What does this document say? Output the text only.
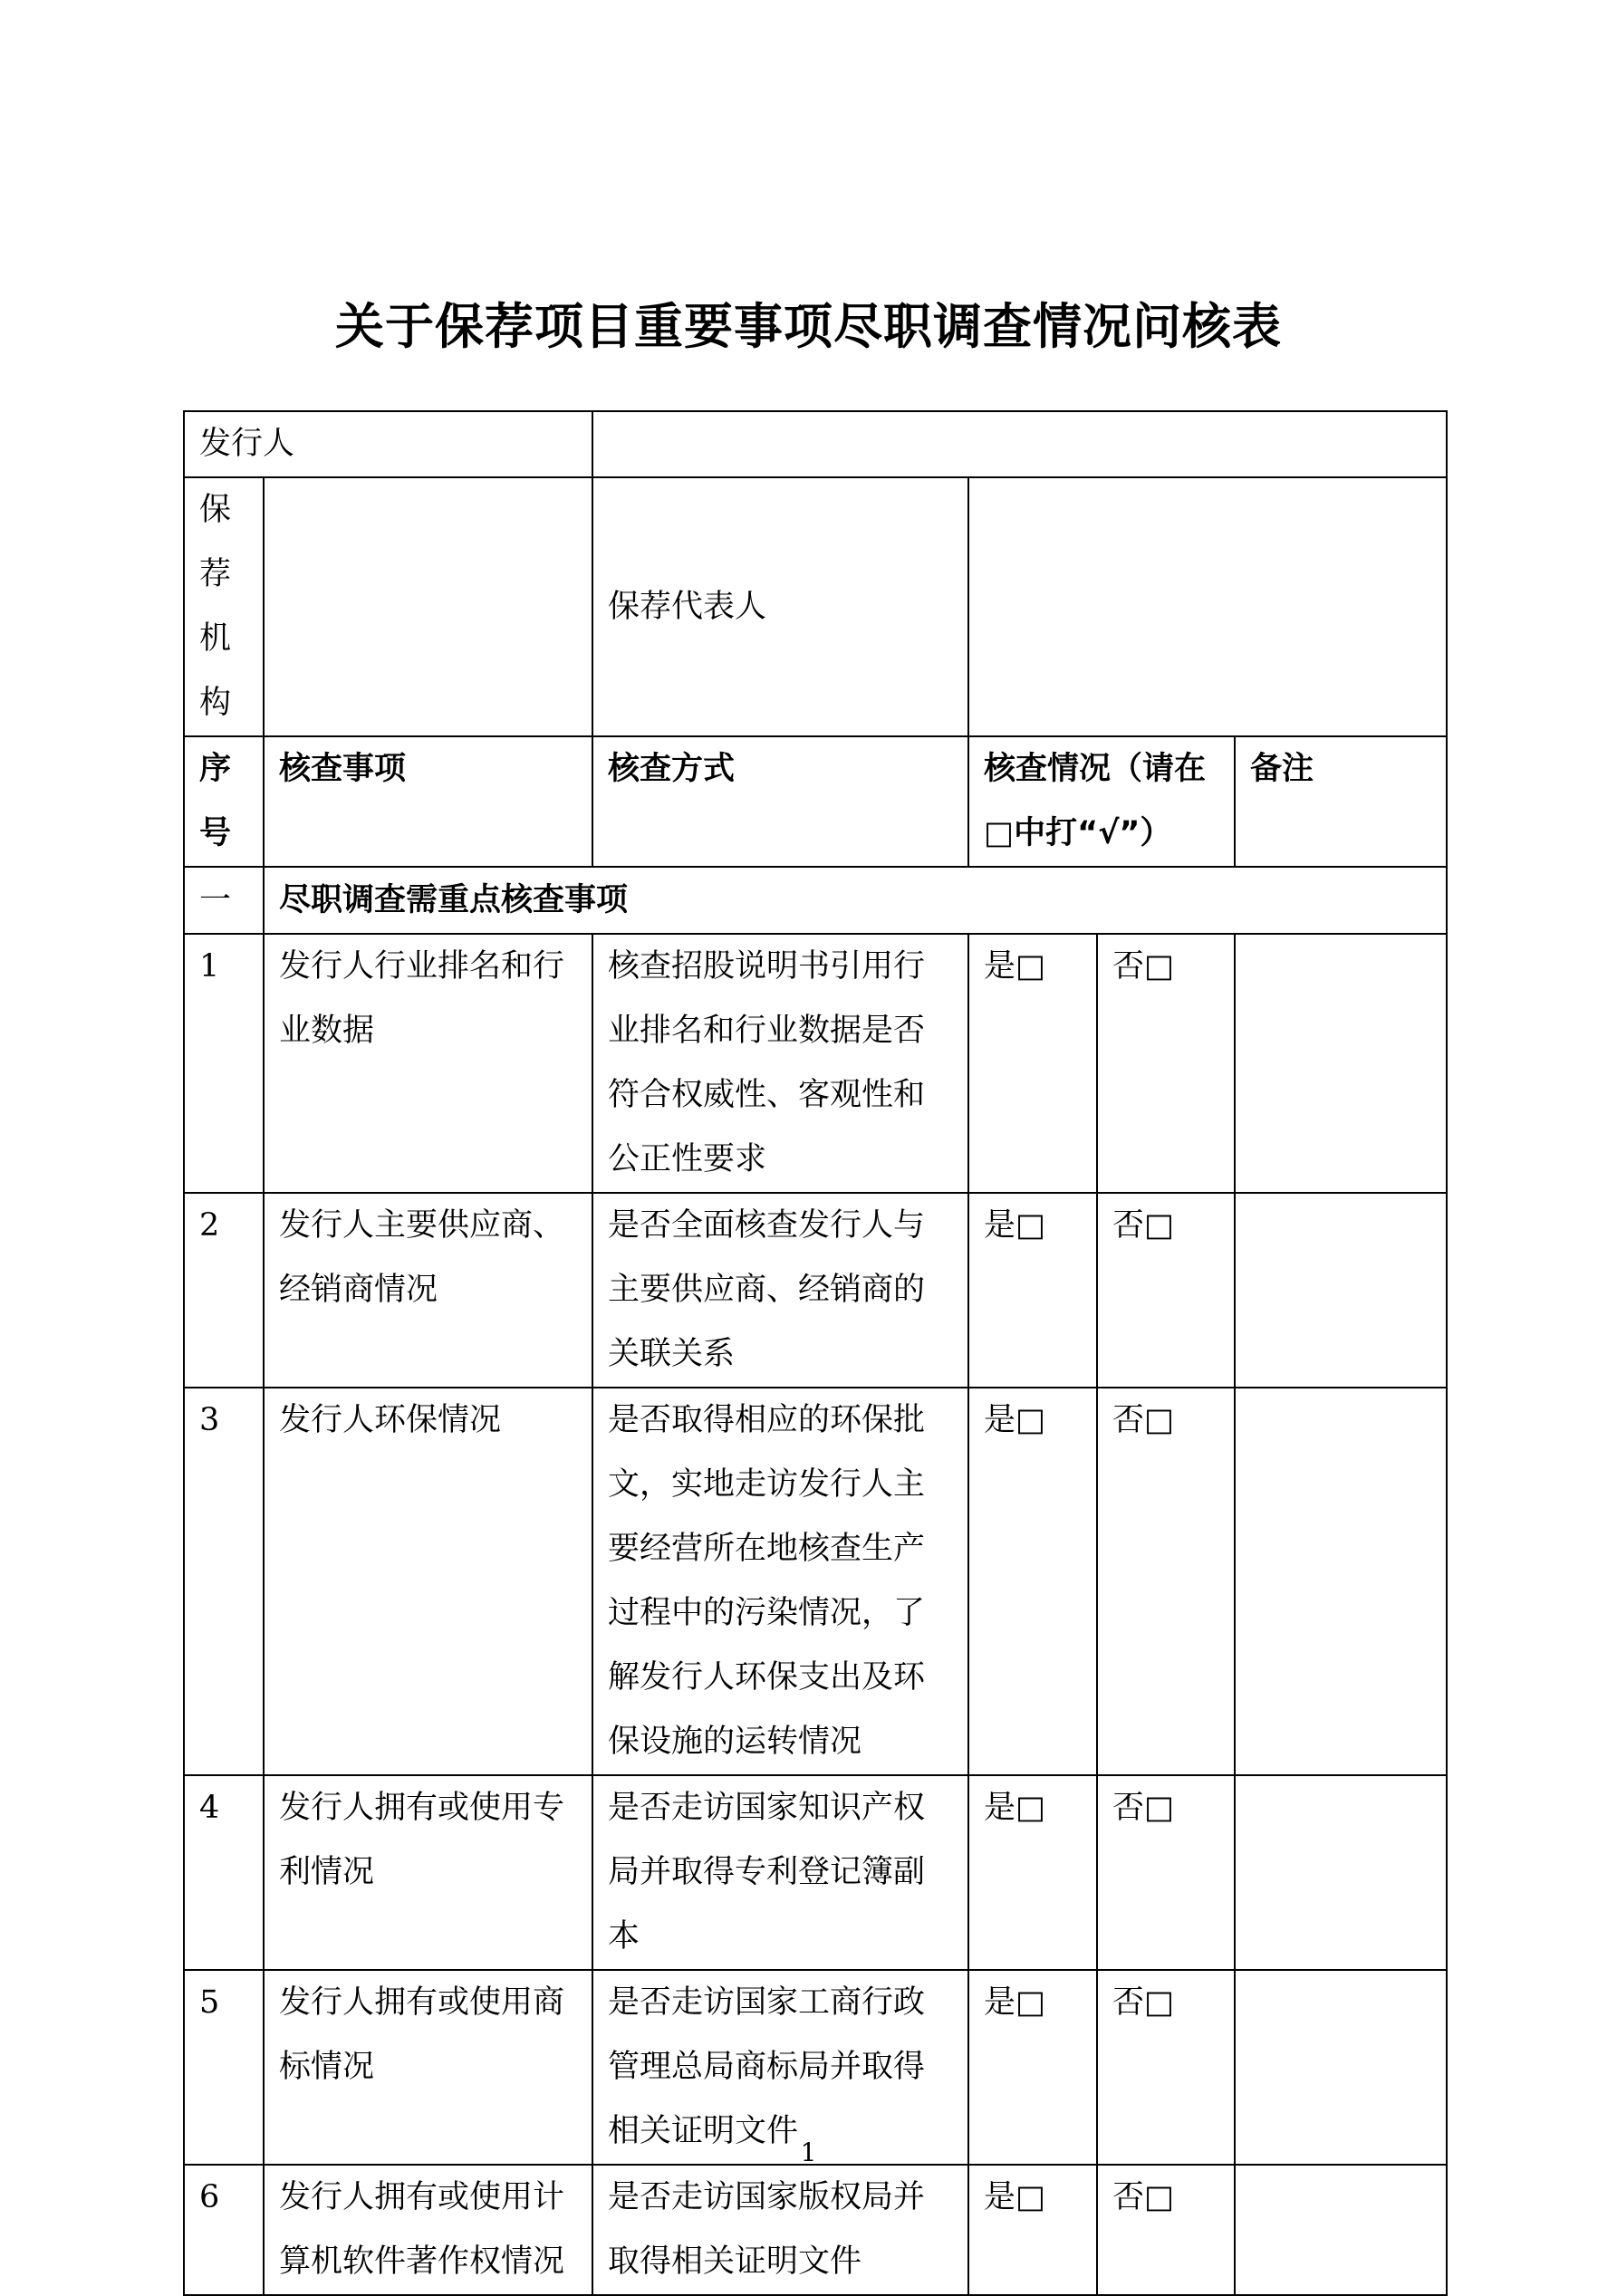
关于保荐项目重要事项尽职调查情况问核表
发行人					
保荐机构		保荐代表人			
序号	核查事项	核查方式	核查情况（请在□中打“√”）		备注
一	尽职调查需重点核查事项				
1	发行人行业排名和行业数据	核查招股说明书引用行业排名和行业数据是否符合权威性、客观性和公正性要求	是□	否□	
2	发行人主要供应商、经销商情况	是否全面核查发行人与主要供应商、经销商的关联关系	是□	否□	
3	发行人环保情况	是否取得相应的环保批文，实地走访发行人主要经营所在地核查生产过程中的污染情况，了解发行人环保支出及环保设施的运转情况	是□	否□	
4	发行人拥有或使用专利情况	是否走访国家知识产权局并取得专利登记簿副本	是□	否□	
5	发行人拥有或使用商标情况	是否走访国家工商行政管理总局商标局并取得相关证明文件	是□	否□	
6	发行人拥有或使用计算机软件著作权情况	是否走访国家版权局并取得相关证明文件	是□	否□	
1
